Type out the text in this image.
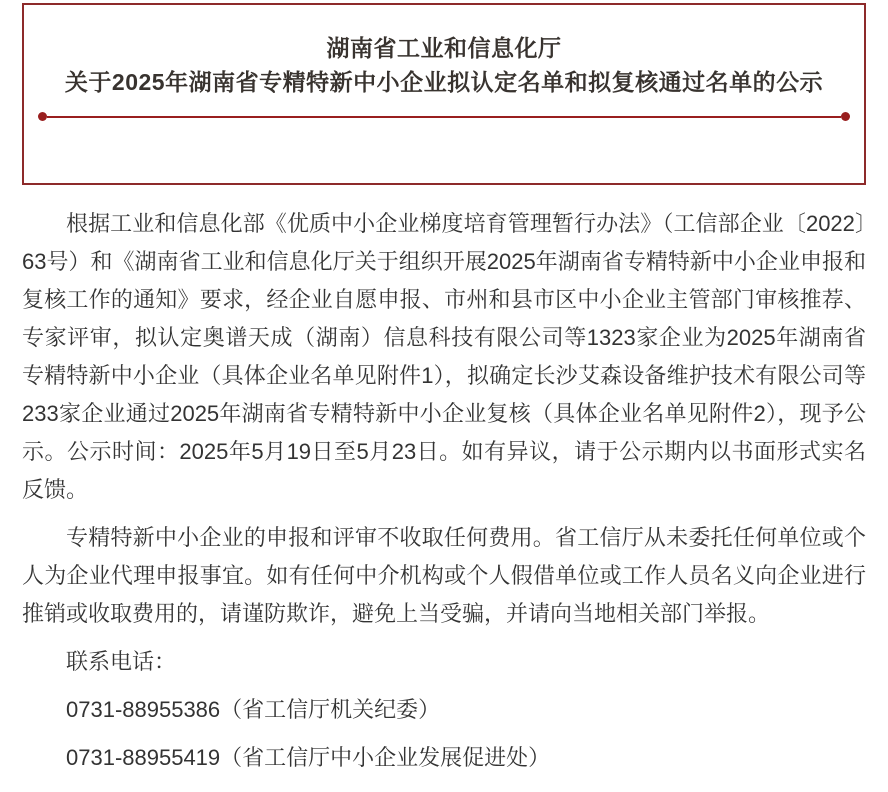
湖南省工业和信息化厅
关于2025年湖南省专精特新中小企业拟认定名单和拟复核通过名单的公示

根据工业和信息化部《优质中小企业梯度培育管理暂行办法》（工信部企业〔2022〕63号）和《湖南省工业和信息化厅关于组织开展2025年湖南省专精特新中小企业申报和复核工作的通知》要求，经企业自愿申报、市州和县市区中小企业主管部门审核推荐、专家评审，拟认定奥谱天成（湖南）信息科技有限公司等1323家企业为2025年湖南省专精特新中小企业（具体企业名单见附件1），拟确定长沙艾森设备维护技术有限公司等233家企业通过2025年湖南省专精特新中小企业复核（具体企业名单见附件2），现予公示。公示时间：2025年5月19日至5月23日。如有异议，请于公示期内以书面形式实名反馈。

专精特新中小企业的申报和评审不收取任何费用。省工信厅从未委托任何单位或个人为企业代理申报事宜。如有任何中介机构或个人假借单位或工作人员名义向企业进行推销或收取费用的，请谨防欺诈，避免上当受骗，并请向当地相关部门举报。

联系电话：

0731-88955386（省工信厅机关纪委）

0731-88955419（省工信厅中小企业发展促进处）
